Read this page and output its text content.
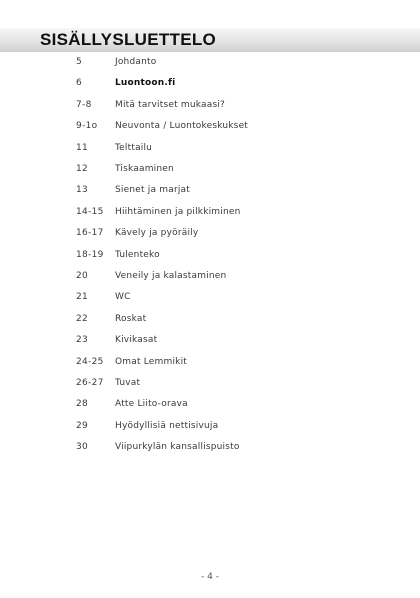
SISÄLLYSLUETTELO
5	Johdanto
6	Luontoon.fi
7-8	Mitä tarvitset mukaasi?
9-1o Neuvonta / Luontokeskukset
11	Telttailu
12	Tiskaaminen
13	Sienet ja marjat
14-15 Hiihtäminen ja pilkkiminen
16-17 Kävely ja pyöräily
18-19 Tulenteko
20	Veneily ja kalastaminen
21	WC
22	Roskat
23	Kivikasat
24-25 Omat Lemmikit
26-27 Tuvat
28	Atte Liito-orava
29	Hyödyllisiä nettisivuja
30	Viipurkylän kansallispuisto
- 4 -
